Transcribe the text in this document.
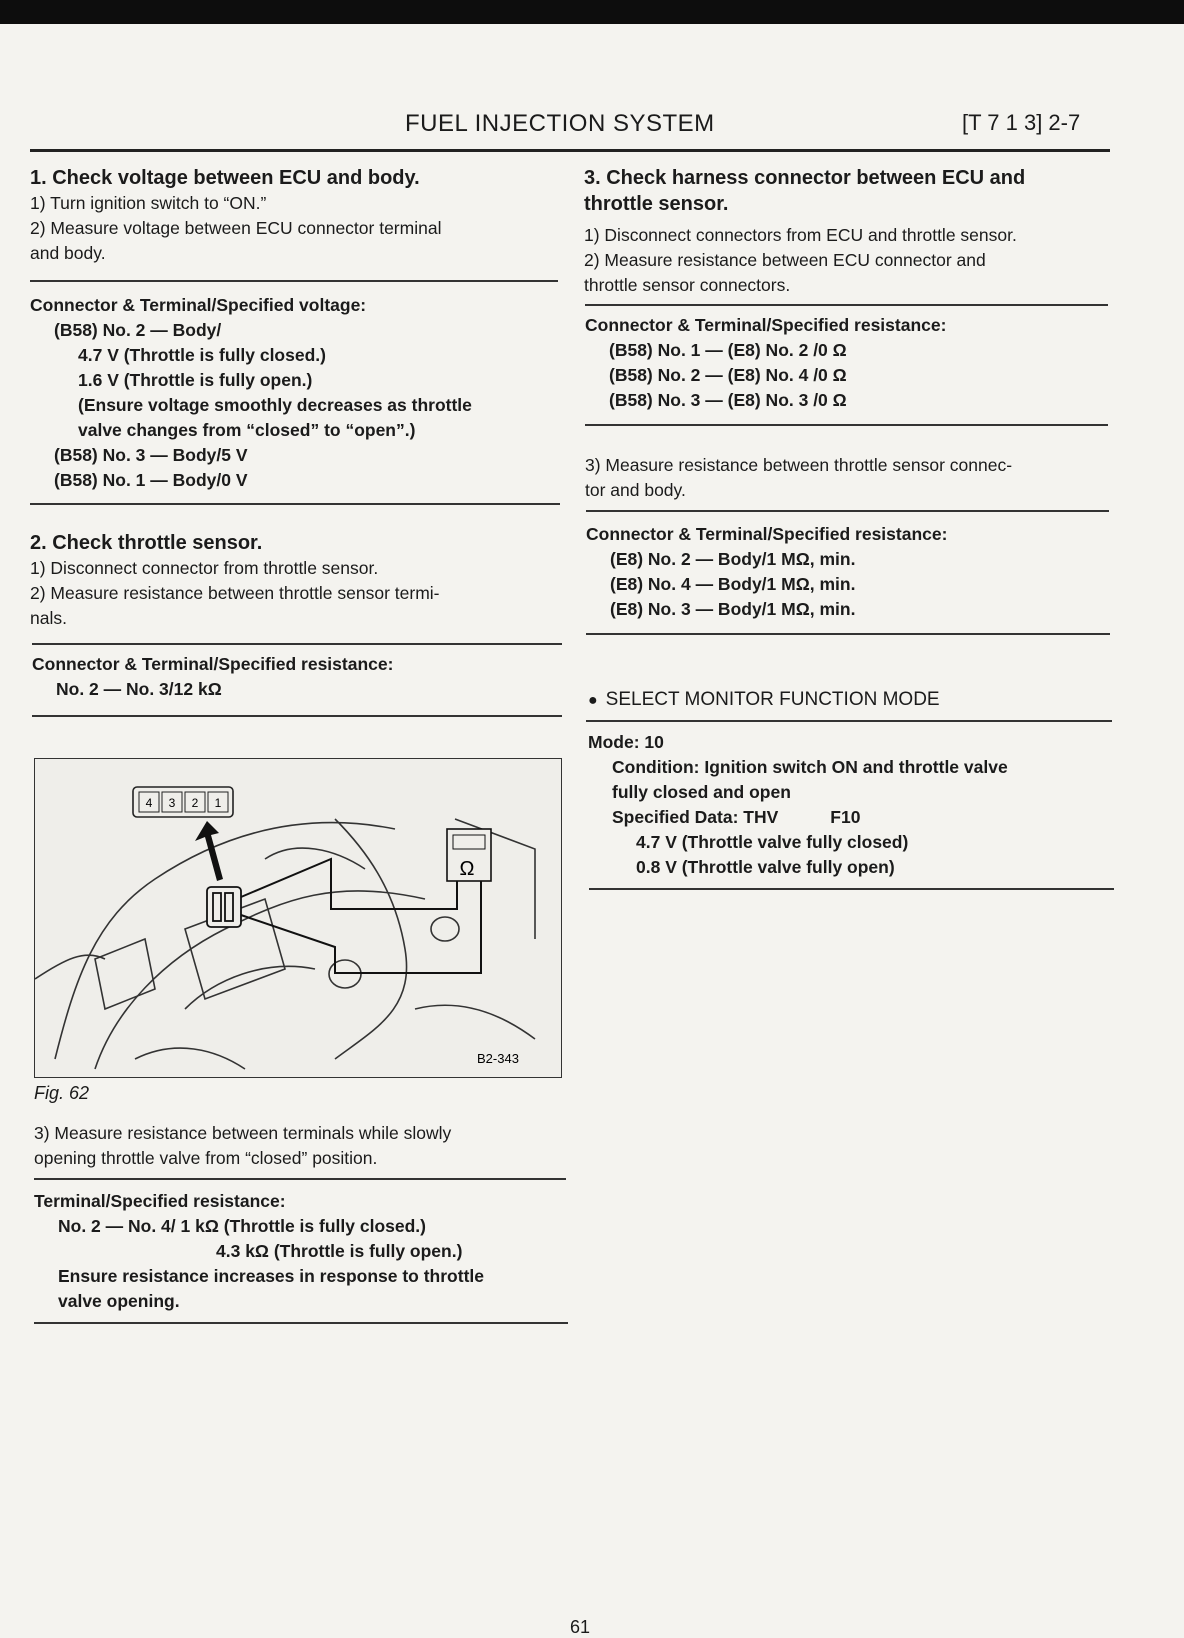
FUEL INJECTION SYSTEM	[T 7 1 3] 2-7
1. Check voltage between ECU and body.
1) Turn ignition switch to “ON.”
2) Measure voltage between ECU connector terminal
and body.
Connector & Terminal/Specified voltage:
(B58) No. 2 — Body/
4.7 V (Throttle is fully closed.)
1.6 V (Throttle is fully open.)
(Ensure voltage smoothly decreases as throttle
valve changes from “closed” to “open”.)
(B58) No. 3 — Body/5 V
(B58) No. 1 — Body/0 V
2. Check throttle sensor.
1) Disconnect connector from throttle sensor.
2) Measure resistance between throttle sensor termi-
nals.
Connector & Terminal/Specified resistance:
No. 2 — No. 3/12 kΩ
4 3 2 1
Ω
B2-343
Fig. 62
3) Measure resistance between terminals while slowly
opening throttle valve from “closed” position.
Terminal/Specified resistance:
No. 2 — No. 4/ 1 kΩ (Throttle is fully closed.)
4.3 kΩ (Throttle is fully open.)
Ensure resistance increases in response to throttle
valve opening.
3. Check harness connector between ECU and
throttle sensor.
1) Disconnect connectors from ECU and throttle sensor.
2) Measure resistance between ECU connector and
throttle sensor connectors.
Connector & Terminal/Specified resistance:
(B58) No. 1 — (E8) No. 2 /0 Ω
(B58) No. 2 — (E8) No. 4 /0 Ω
(B58) No. 3 — (E8) No. 3 /0 Ω
3) Measure resistance between throttle sensor connec-
tor and body.
Connector & Terminal/Specified resistance:
(E8) No. 2 — Body/1 MΩ, min.
(E8) No. 4 — Body/1 MΩ, min.
(E8) No. 3 — Body/1 MΩ, min.
● SELECT MONITOR FUNCTION MODE
Mode: 10
Condition: Ignition switch ON and throttle valve
fully closed and open
Specified Data: THV	F10
4.7 V (Throttle valve fully closed)
0.8 V (Throttle valve fully open)
61
